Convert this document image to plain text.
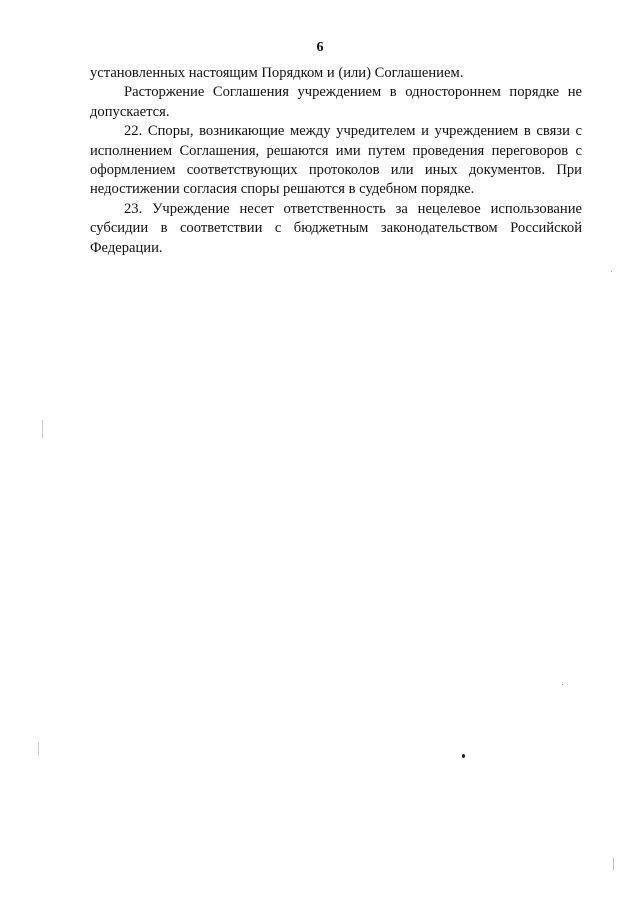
6

установленных настоящим Порядком и (или) Соглашением.

Расторжение Соглашения учреждением в одностороннем порядке не допускается.

22. Споры, возникающие между учредителем и учреждением в связи с исполнением Соглашения, решаются ими путем проведения переговоров с оформлением соответствующих протоколов или иных документов. При недостижении согласия споры решаются в судебном порядке.

23. Учреждение несет ответственность за нецелевое использование субсидии в соответствии с бюджетным законодательством Российской Федерации.
